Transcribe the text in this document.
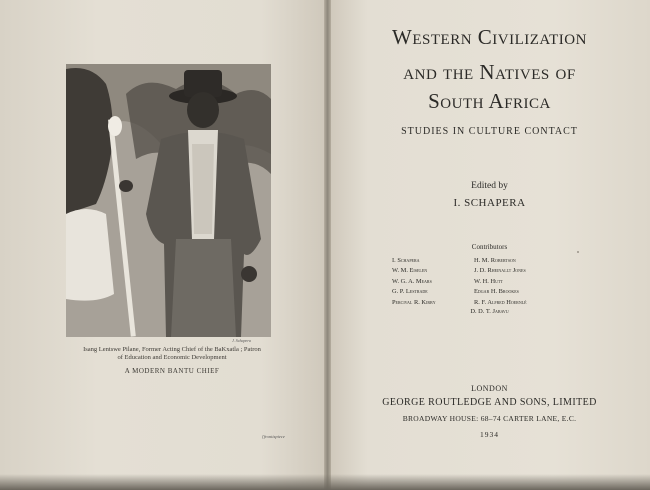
J. Schapera
Isang Lentswe Pilane, Former Acting Chief of the BaKxatla ; Patron
of Education and Economic Development
A MODERN BANTU CHIEF
[frontispiece
Western Civilization
and the Natives of
South Africa
STUDIES IN CULTURE CONTACT
Edited by
I. SCHAPERA
Contributors
I. Schapera	H. M. Robertson
W. M. Eiselen	J. D. Rheinallt Jones
W. G. A. Mears	W. H. Hutt
G. P. Lestrade	Edgar H. Brookes
Percival R. Kirby	R. F. Alfred Hoernlé
D. D. T. Jabavu
LONDON
GEORGE ROUTLEDGE AND SONS, LIMITED
BROADWAY HOUSE: 68–74 CARTER LANE, E.C.
1934
